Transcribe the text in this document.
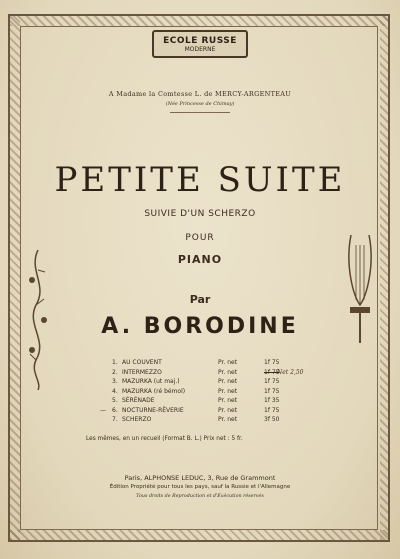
ECOLE RUSSE
MODERNE
A Madame la Comtesse L. de MERCY-ARGENTEAU
(Née Princesse de Chimay)
PETITE SUITE
SUIVIE D'UN SCHERZO
POUR
PIANO
Par
A. BORODINE
1. AU COUVENT	Pr. net	1f 75
2. INTERMEZZO	Pr. net	1f 75
Net 2,50
3. MAZURKA (ut maj.)	Pr. net	1f 75
4. MAZURKA (ré bémol)	Pr. net	1f 75
5. SÉRÉNADE	Pr. net	1f 35
— 6. NOCTURNE-RÊVERIE	Pr. net	1f 75
7. SCHERZO	Pr. net	3f 50
Les mêmes, en un recueil (Format B. L.) Prix net : 5 fr.
Paris, ALPHONSE LEDUC, 3, Rue de Grammont
Édition Propriété pour tous les pays, sauf la Russie et l'Allemagne
Tous droits de Reproduction et d'Exécution réservés
